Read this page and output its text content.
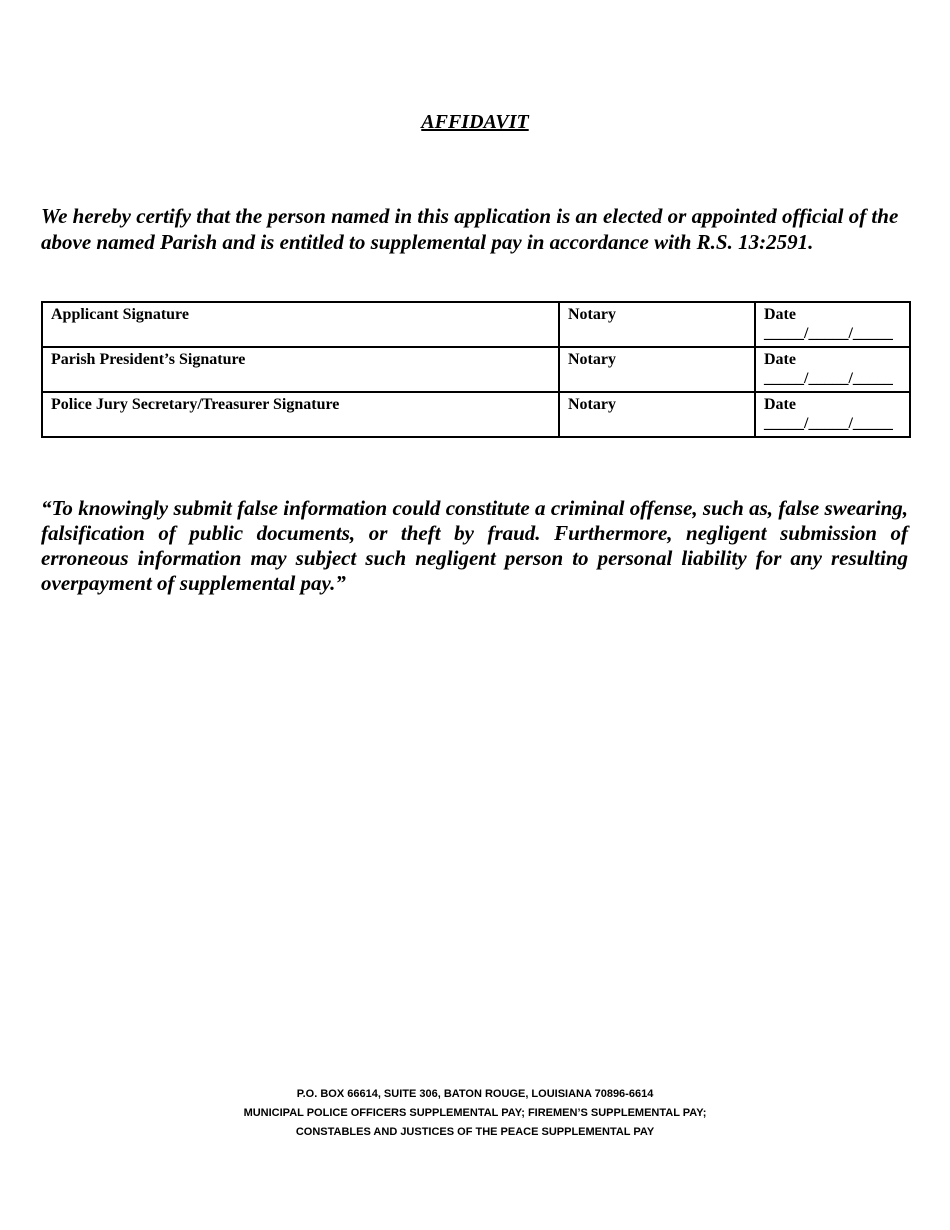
AFFIDAVIT

We hereby certify that the person named in this application is an elected or appointed official of the above named Parish and is entitled to supplemental pay in accordance with R.S. 13:2591.

Applicant Signature	Notary	Date
_____/_____/_____

Parish President’s Signature	Notary	Date
_____/_____/_____

Police Jury Secretary/Treasurer Signature	Notary	Date
_____/_____/_____

“To knowingly submit false information could constitute a criminal offense, such as, false swearing, falsification of public documents, or theft by fraud. Furthermore, negligent submission of erroneous information may subject such negligent person to personal liability for any resulting overpayment of supplemental pay.”

P.O. BOX 66614, SUITE 306, BATON ROUGE, LOUISIANA 70896-6614
MUNICIPAL POLICE OFFICERS SUPPLEMENTAL PAY; FIREMEN’S SUPPLEMENTAL PAY;
CONSTABLES AND JUSTICES OF THE PEACE SUPPLEMENTAL PAY
